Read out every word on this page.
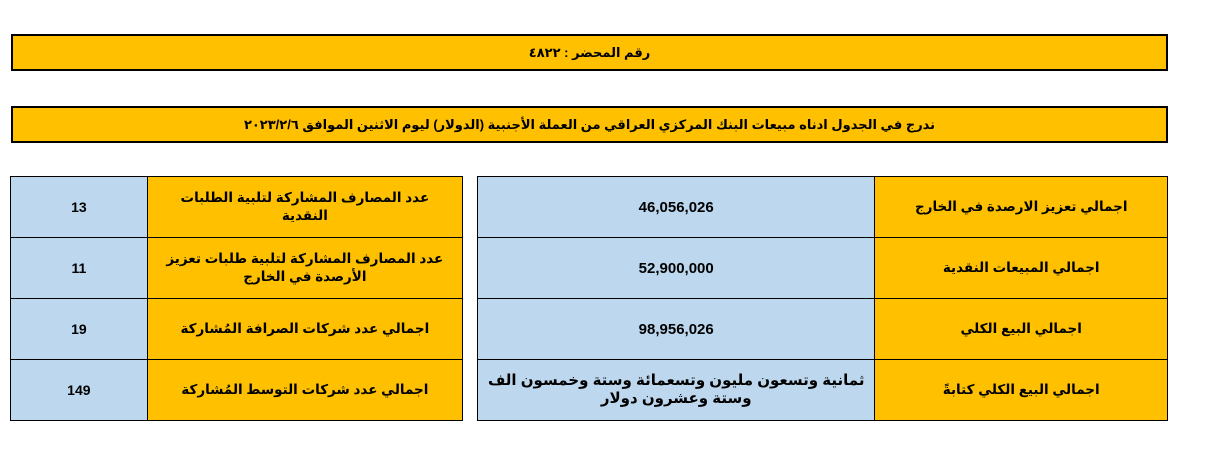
رقم المحضر : ٤٨٢٢
ندرج في الجدول ادناه مبيعات البنك المركزي العراقي من العملة الأجنبية (الدولار) ليوم الاثنين الموافق ٢٠٢٣/٢/٦
13	عدد المصارف المشاركة لتلبية الطلبات النقدية
11	عدد المصارف المشاركة لتلبية طلبات تعزيز الأرصدة في الخارج
19	اجمالي عدد شركات الصرافة المُشاركة
149	اجمالي عدد شركات التوسط المُشاركة
46,056,026	اجمالي تعزيز الارصدة في الخارج
52,900,000	اجمالي المبيعات النقدية
98,956,026	اجمالي البيع الكلي
ثمانية وتسعون مليون وتسعمائة وستة وخمسون الف وستة وعشرون دولار	اجمالي البيع الكلي كتابةً
